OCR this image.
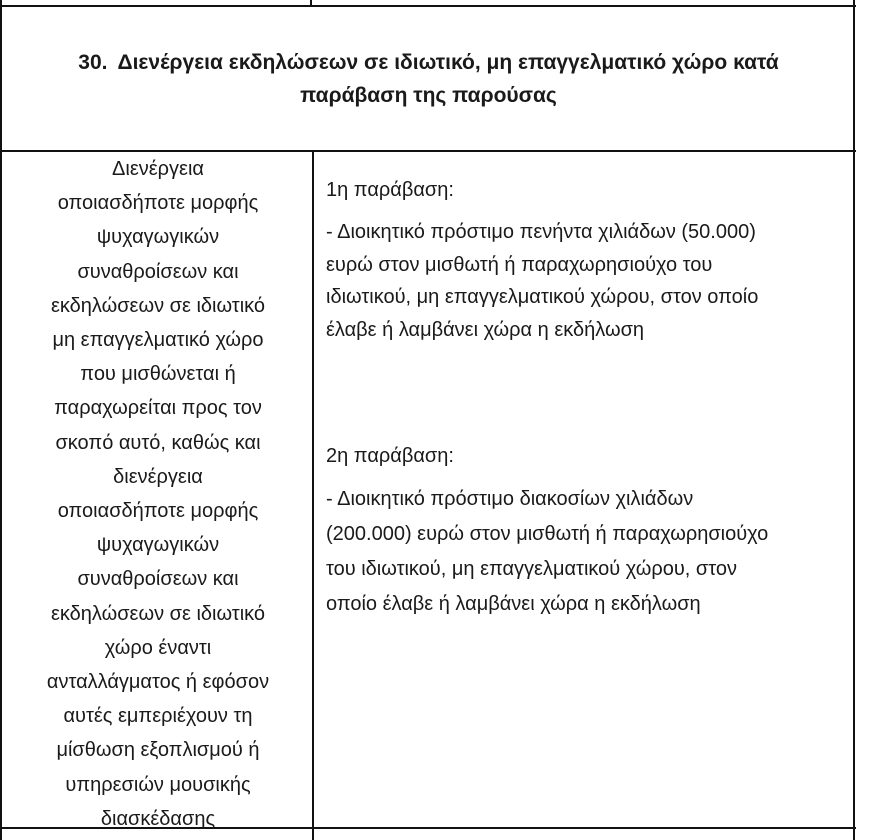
30. Διενέργεια εκδηλώσεων σε ιδιωτικό, μη επαγγελματικό χώρο κατά παράβαση της παρούσας

Διενέργεια

οποιασδήποτε μορφής

ψυχαγωγικών

συναθροίσεων και

εκδηλώσεων σε ιδιωτικό

μη επαγγελματικό χώρο

που μισθώνεται ή

παραχωρείται προς τον

σκοπό αυτό, καθώς και

διενέργεια

οποιασδήποτε μορφής

ψυχαγωγικών

συναθροίσεων και

εκδηλώσεων σε ιδιωτικό

χώρο έναντι

ανταλλάγματος ή εφόσον

αυτές εμπεριέχουν τη

μίσθωση εξοπλισμού ή

υπηρεσιών μουσικής

διασκέδασης

1η παράβαση:

- Διοικητικό πρόστιμο πενήντα χιλιάδων (50.000)

ευρώ στον μισθωτή ή παραχωρησιούχο του

ιδιωτικού, μη επαγγελματικού χώρου, στον οποίο

έλαβε ή λαμβάνει χώρα η εκδήλωση

2η παράβαση:

- Διοικητικό πρόστιμο διακοσίων χιλιάδων

(200.000) ευρώ στον μισθωτή ή παραχωρησιούχο

του ιδιωτικού, μη επαγγελματικού χώρου, στον

οποίο έλαβε ή λαμβάνει χώρα η εκδήλωση
